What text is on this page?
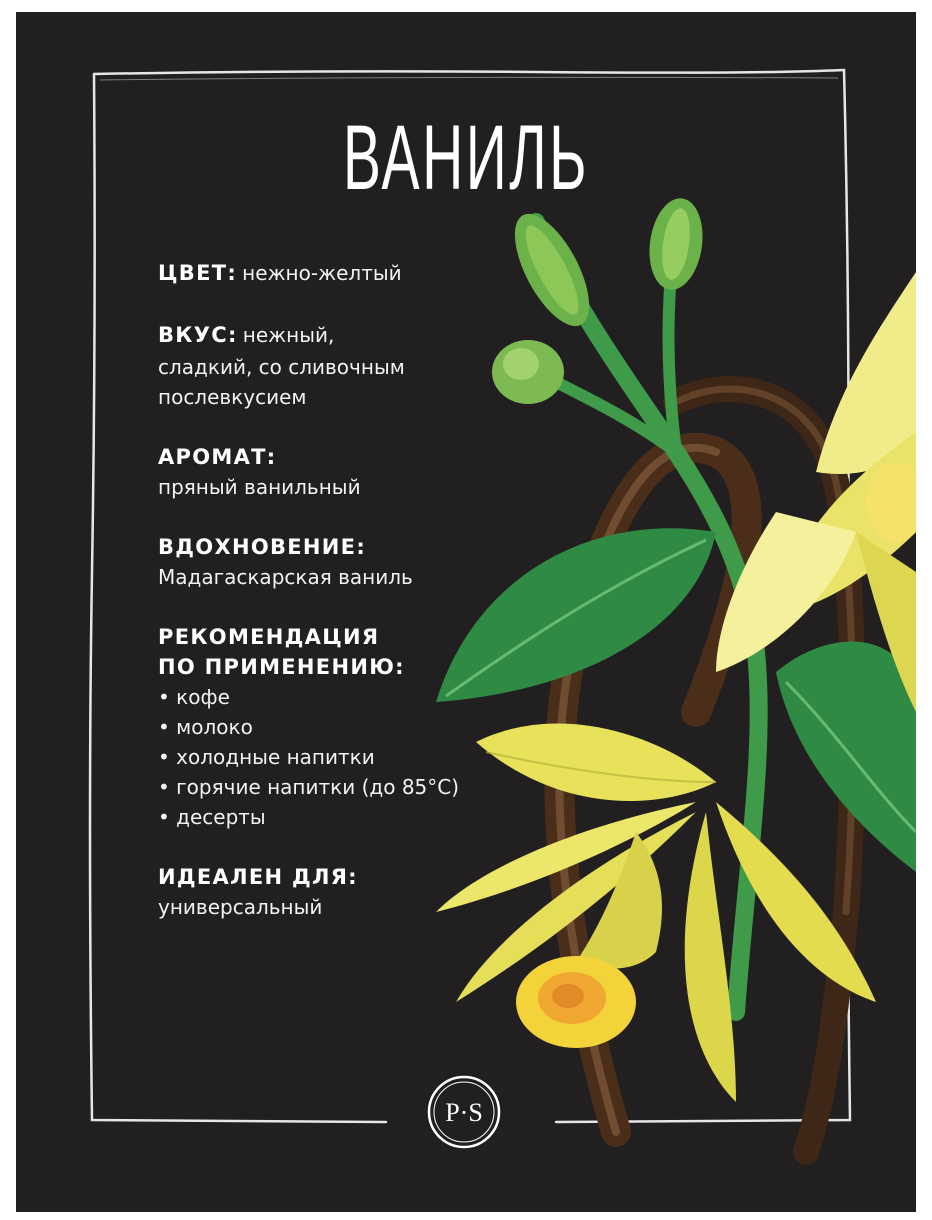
ВАНИЛЬ
ЦВЕТ: нежно-желтый
ВКУС: нежный,
сладкий, со сливочным
послевкусием
АРОМАТ:
пряный ванильный
ВДОХНОВЕНИЕ:
Мадагаскарская ваниль
РЕКОМЕНДАЦИЯ
ПО ПРИМЕНЕНИЮ:
• кофе
• молоко
• холодные напитки
• горячие напитки (до 85°C)
• десерты
ИДЕАЛЕН ДЛЯ:
универсальный
P·S
